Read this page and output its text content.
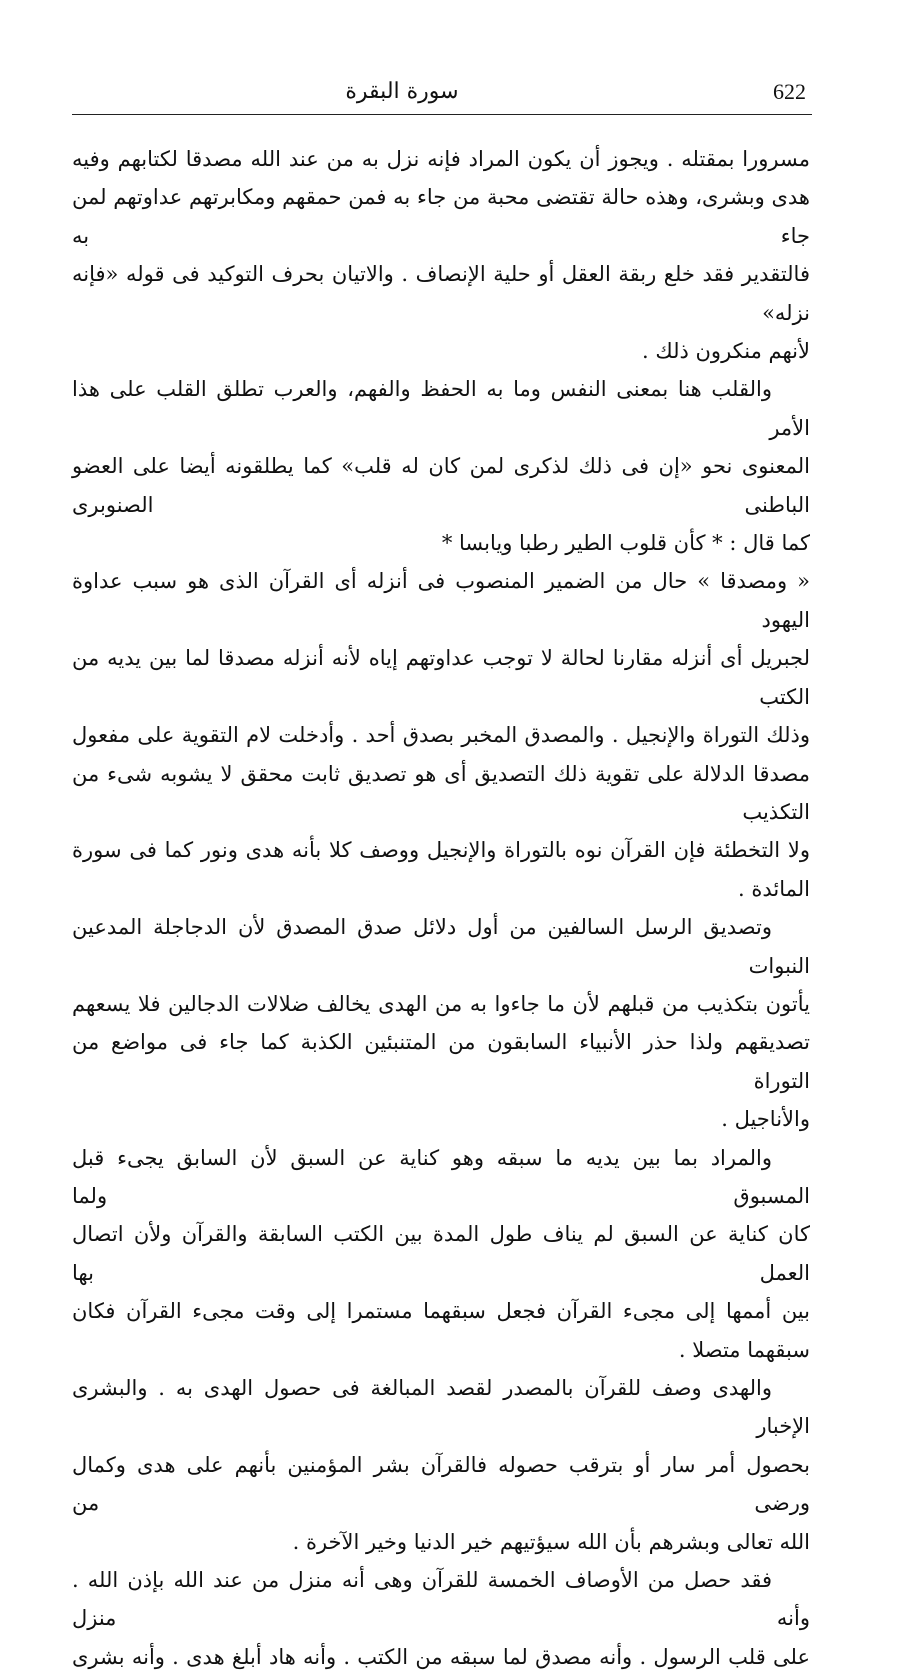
سورة البقرة	622

مسرورا بمقتله . ويجوز أن يكون المراد فإنه نزل به من عند الله مصدقا لكتابهم وفيه
هدى وبشرى، وهذه حالة تقتضى محبة من جاء به فمن حمقهم ومكابرتهم عداوتهم لمن جاء به
فالتقدير فقد خلع ربقة العقل أو حلية الإنصاف . والاتيان بحرف التوكيد فى قوله «فإنه نزله»
لأنهم منكرون ذلك .

والقلب هنا بمعنى النفس وما به الحفظ والفهم، والعرب تطلق القلب على هذا الأمر
المعنوى نحو «إن فى ذلك لذكرى لمن كان له قلب» كما يطلقونه أيضا على العضو الباطنى الصنوبرى
كما قال : * كأن قلوب الطير رطبا ويابسا *

« ومصدقا » حال من الضمير المنصوب فى أنزله أى القرآن الذى هو سبب عداوة اليهود
لجبريل أى أنزله مقارنا لحالة لا توجب عداوتهم إياه لأنه أنزله مصدقا لما بين يديه من الكتب
وذلك التوراة والإنجيل . والمصدق المخبر بصدق أحد . وأدخلت لام التقوية على مفعول
مصدقا الدلالة على تقوية ذلك التصديق أى هو تصديق ثابت محقق لا يشوبه شىء من التكذيب
ولا التخطئة فإن القرآن نوه بالتوراة والإنجيل ووصف كلا بأنه هدى ونور كما فى سورة
المائدة .

وتصديق الرسل السالفين من أول دلائل صدق المصدق لأن الدجاجلة المدعين النبوات
يأتون بتكذيب من قبلهم لأن ما جاءوا به من الهدى يخالف ضلالات الدجالين فلا يسعهم
تصديقهم ولذا حذر الأنبياء السابقون من المتنبئين الكذبة كما جاء فى مواضع من التوراة
والأناجيل .

والمراد بما بين يديه ما سبقه وهو كناية عن السبق لأن السابق يجىء قبل المسبوق ولما
كان كناية عن السبق لم يناف طول المدة بين الكتب السابقة والقرآن ولأن اتصال العمل بها
بين أممها إلى مجىء القرآن فجعل سبقهما مستمرا إلى وقت مجىء القرآن فكان سبقهما متصلا .

والهدى وصف للقرآن بالمصدر لقصد المبالغة فى حصول الهدى به . والبشرى الإخبار
بحصول أمر سار أو بترقب حصوله فالقرآن بشر المؤمنين بأنهم على هدى وكمال ورضى من
الله تعالى وبشرهم بأن الله سيؤتيهم خير الدنيا وخير الآخرة .

فقد حصل من الأوصاف الخمسة للقرآن وهى أنه منزل من عند الله بإذن الله . وأنه منزل
على قلب الرسول . وأنه مصدق لما سبقه من الكتب . وأنه هاد أبلغ هدى . وأنه بشرى
